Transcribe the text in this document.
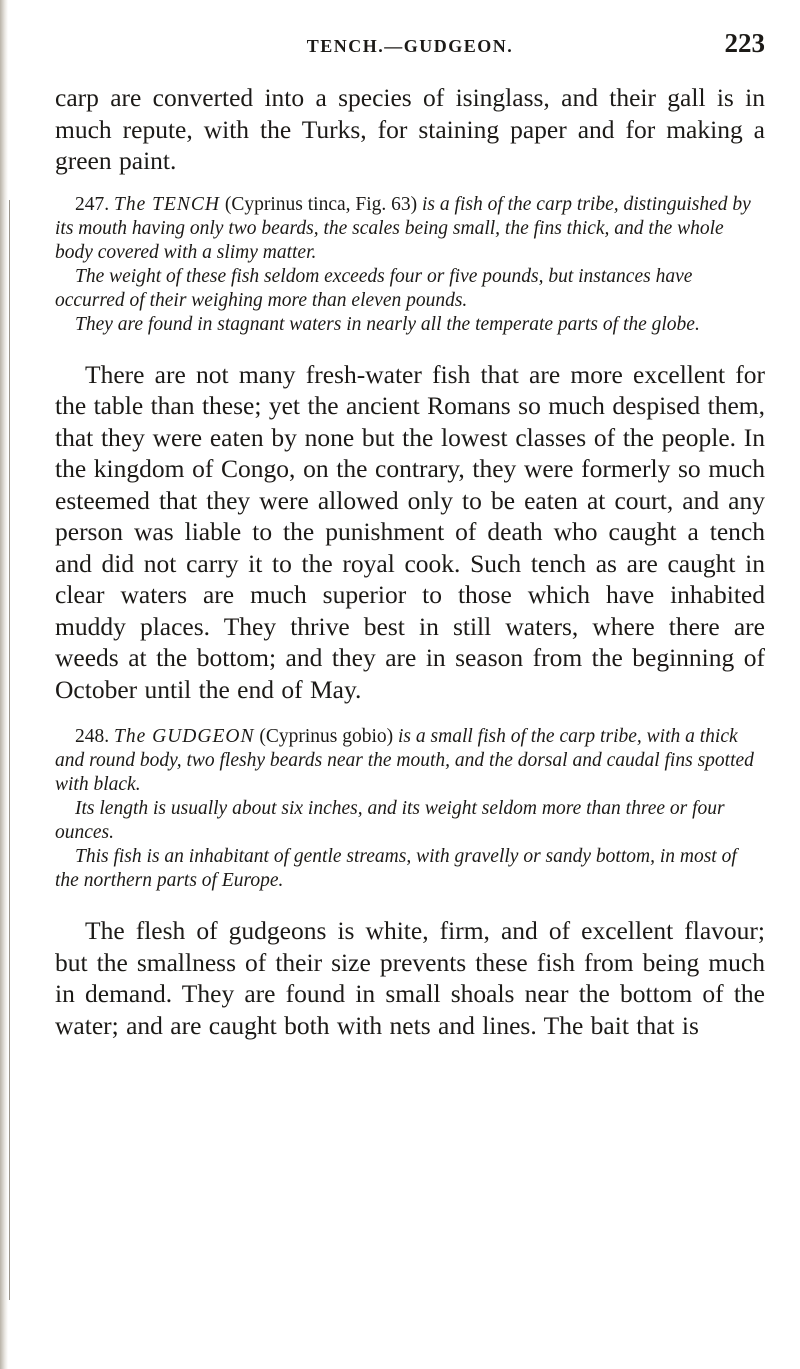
TENCH.—GUDGEON.	223

carp are converted into a species of isinglass, and their gall is in much repute, with the Turks, for staining paper and for making a green paint.

247. The TENCH (Cyprinus tinca, Fig. 63) is a fish of the carp tribe, distinguished by its mouth having only two beards, the scales being small, the fins thick, and the whole body covered with a slimy matter.

The weight of these fish seldom exceeds four or five pounds, but instances have occurred of their weighing more than eleven pounds.

They are found in stagnant waters in nearly all the temperate parts of the globe.

There are not many fresh-water fish that are more excellent for the table than these; yet the ancient Romans so much despised them, that they were eaten by none but the lowest classes of the people. In the kingdom of Congo, on the contrary, they were formerly so much esteemed that they were allowed only to be eaten at court, and any person was liable to the punishment of death who caught a tench and did not carry it to the royal cook. Such tench as are caught in clear waters are much superior to those which have inhabited muddy places. They thrive best in still waters, where there are weeds at the bottom; and they are in season from the beginning of October until the end of May.

248. The GUDGEON (Cyprinus gobio) is a small fish of the carp tribe, with a thick and round body, two fleshy beards near the mouth, and the dorsal and caudal fins spotted with black.

Its length is usually about six inches, and its weight seldom more than three or four ounces.

This fish is an inhabitant of gentle streams, with gravelly or sandy bottom, in most of the northern parts of Europe.

The flesh of gudgeons is white, firm, and of excellent flavour; but the smallness of their size prevents these fish from being much in demand. They are found in small shoals near the bottom of the water; and are caught both with nets and lines. The bait that is
